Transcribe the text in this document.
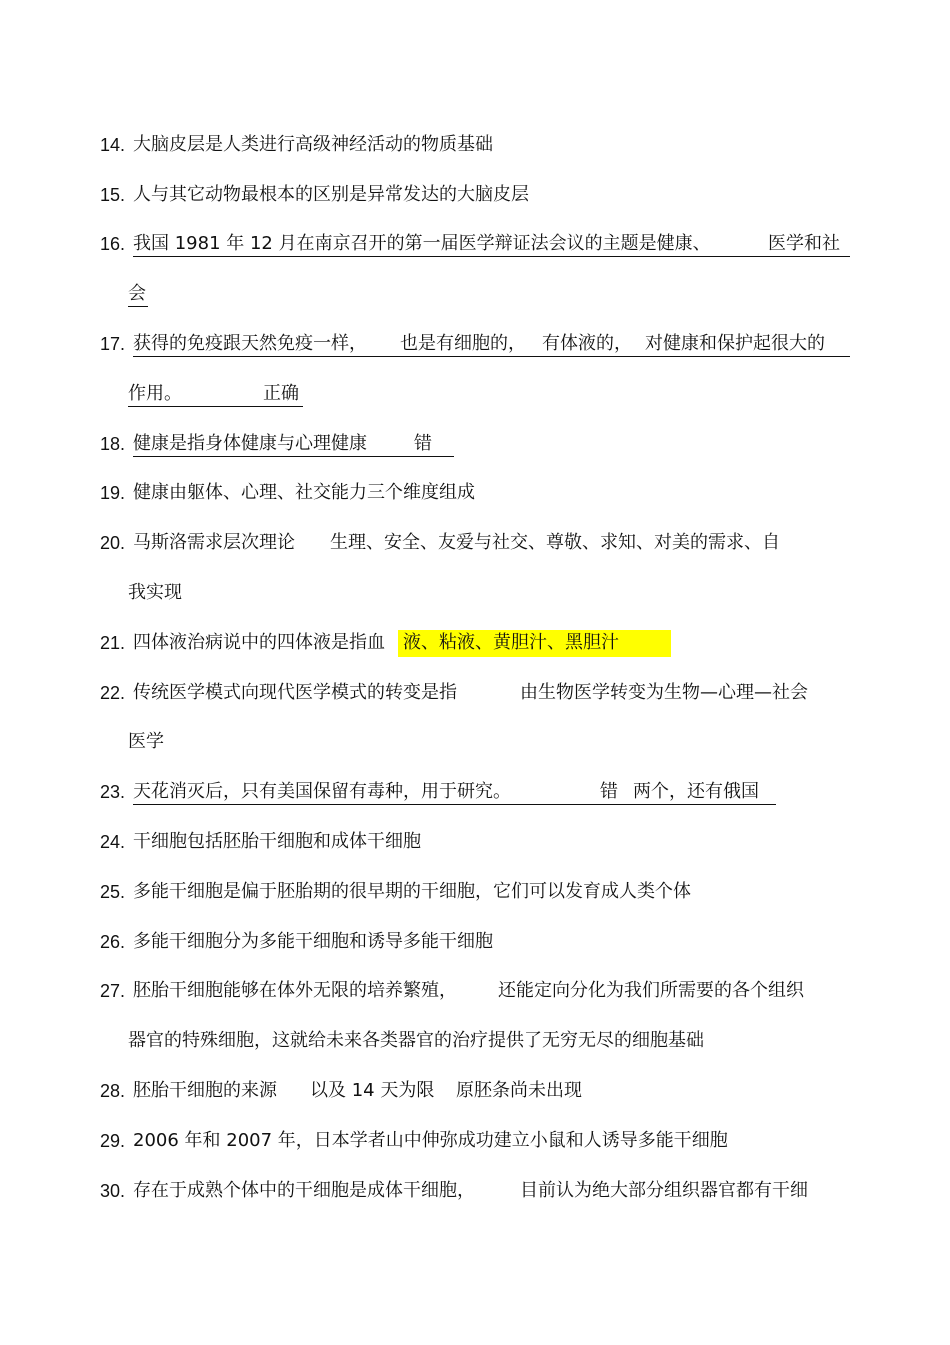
14. 大脑皮层是人类进行高级神经活动的物质基础
15. 人与其它动物最根本的区别是异常发达的大脑皮层
16. 我国 1981 年 12 月在南京召开的第一届医学辩证法会议的主题是健康、	医学和社
会
17. 获得的免疫跟天然免疫一样， 也是有细胞的， 有体液的， 对健康和保护起很大的
作用。	正确
18. 健康是指身体健康与心理健康	错
19. 健康由躯体、心理、社交能力三个维度组成
20. 马斯洛需求层次理论 生理、安全、友爱与社交、尊敬、求知、对美的需求、自
我实现
21. 四体液治病说中的四体液是指血 液、粘液、黄胆汁、黑胆汁
22. 传统医学模式向现代医学模式的转变是指	由生物医学转变为生物—心理—社会
医学
23. 天花消灭后，只有美国保留有毒种，用于研究。	错 两个，还有俄国
24. 干细胞包括胚胎干细胞和成体干细胞
25. 多能干细胞是偏于胚胎期的很早期的干细胞，它们可以发育成人类个体
26. 多能干细胞分为多能干细胞和诱导多能干细胞
27. 胚胎干细胞能够在体外无限的培养繁殖， 还能定向分化为我们所需要的各个组织
器官的特殊细胞，这就给未来各类器官的治疗提供了无穷无尽的细胞基础
28. 胚胎干细胞的来源 以及 14 天为限 原胚条尚未出现
29. 2006 年和 2007 年，日本学者山中伸弥成功建立小鼠和人诱导多能干细胞
30. 存在于成熟个体中的干细胞是成体干细胞，	目前认为绝大部分组织器官都有干细
